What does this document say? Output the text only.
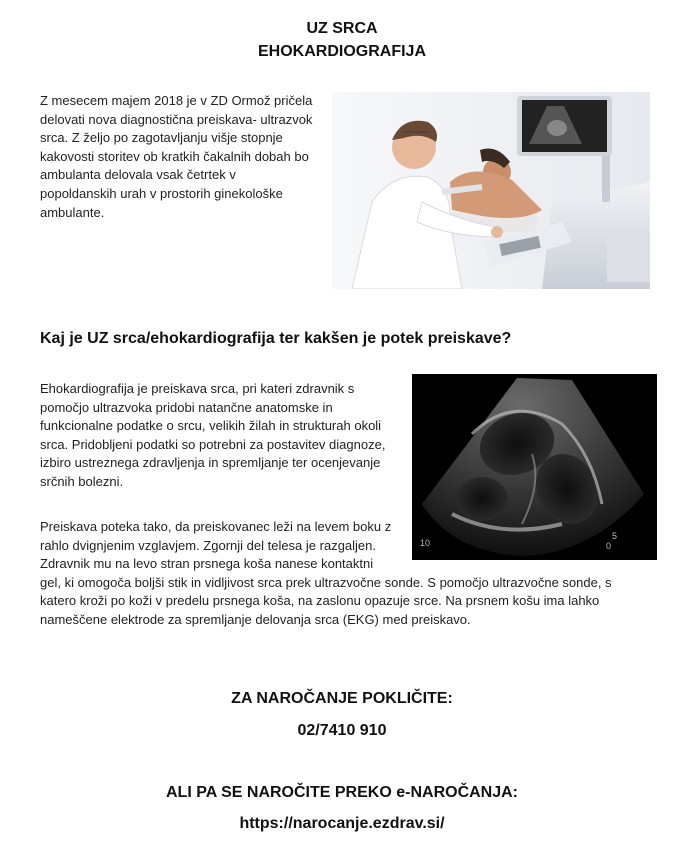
UZ SRCA
EHOKARDIOGRAFIJA
Z mesecem majem 2018 je v ZD Ormož pričela
delovati nova diagnostična preiskava- ultrazvok
srca. Z željo po zagotavljanju višje stopnje
kakovosti storitev ob kratkih čakalnih dobah bo
ambulanta delovala vsak četrtek v
popoldanskih urah v prostorih ginekološke
ambulante.
Kaj je UZ srca/ehokardiografija ter kakšen je potek preiskave?
10
5
0
Ehokardiografija je preiskava srca, pri kateri zdravnik s
pomočjo ultrazvoka pridobi natančne anatomske in
funkcionalne podatke o srcu, velikih žilah in strukturah okoli
srca. Pridobljeni podatki so potrebni za postavitev diagnoze,
izbiro ustreznega zdravljenja in spremljanje ter ocenjevanje
srčnih bolezni.
Preiskava poteka tako, da preiskovanec leži na levem boku z
rahlo dvignjenim vzglavjem. Zgornji del telesa je razgaljen.
Zdravnik mu na levo stran prsnega koša nanese kontaktni
gel, ki omogoča boljši stik in vidljivost srca prek ultrazvočne sonde. S pomočjo ultrazvočne sonde, s
katero kroži po koži v predelu prsnega koša, na zaslonu opazuje srce. Na prsnem košu ima lahko
nameščene elektrode za spremljanje delovanja srca (EKG) med preiskavo.
ZA NAROČANJE POKLIČITE:
02/7410 910
ALI PA SE NAROČITE PREKO e-NAROČANJA:
https://narocanje.ezdrav.si/
